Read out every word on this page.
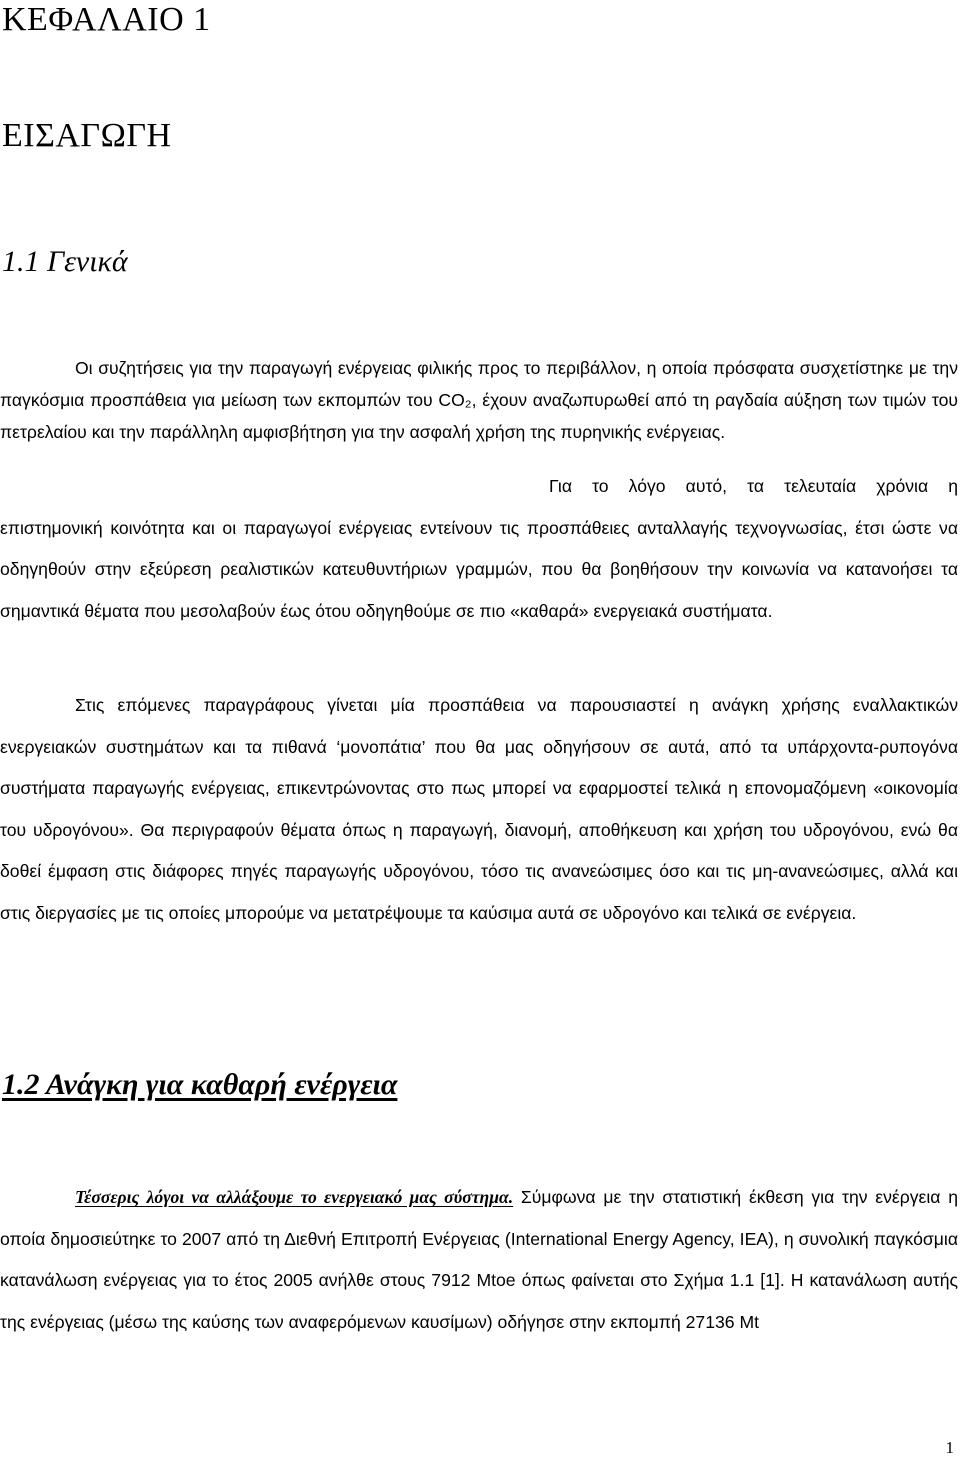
ΚΕΦΑΛΑΙΟ 1
ΕΙΣΑΓΩΓΗ
1.1 Γενικά

Οι συζητήσεις για την παραγωγή ενέργειας φιλικής προς το περιβάλλον, η οποία πρόσφατα συσχετίστηκε με την παγκόσμια προσπάθεια για μείωση των εκπομπών του CO₂, έχουν αναζωπυρωθεί από τη ραγδαία αύξηση των τιμών του πετρελαίου και την παράλληλη αμφισβήτηση για την ασφαλή χρήση της πυρηνικής ενέργειας.

Για το λόγο αυτό, τα τελευταία χρόνια η επιστημονική κοινότητα και οι παραγωγοί ενέργειας εντείνουν τις προσπάθειες ανταλλαγής τεχνογνωσίας, έτσι ώστε να οδηγηθούν στην εξεύρεση ρεαλιστικών κατευθυντήριων γραμμών, που θα βοηθήσουν την κοινωνία να κατανοήσει τα σημαντικά θέματα που μεσολαβούν έως ότου οδηγηθούμε σε πιο «καθαρά» ενεργειακά συστήματα.

Στις επόμενες παραγράφους γίνεται μία προσπάθεια να παρουσιαστεί η ανάγκη χρήσης εναλλακτικών ενεργειακών συστημάτων και τα πιθανά ‘μονοπάτια’ που θα μας οδηγήσουν σε αυτά, από τα υπάρχοντα-ρυπογόνα συστήματα παραγωγής ενέργειας, επικεντρώνοντας στο πως μπορεί να εφαρμοστεί τελικά η επονομαζόμενη «οικονομία του υδρογόνου». Θα περιγραφούν θέματα όπως η παραγωγή, διανομή, αποθήκευση και χρήση του υδρογόνου, ενώ θα δοθεί έμφαση στις διάφορες πηγές παραγωγής υδρογόνου, τόσο τις ανανεώσιμες όσο και τις μη-ανανεώσιμες, αλλά και στις διεργασίες με τις οποίες μπορούμε να μετατρέψουμε τα καύσιμα αυτά σε υδρογόνο και τελικά σε ενέργεια.

1.2 Ανάγκη για καθαρή ενέργεια

Τέσσερις λόγοι να αλλάξουμε το ενεργειακό μας σύστημα. Σύμφωνα με την στατιστική έκθεση για την ενέργεια η οποία δημοσιεύτηκε το 2007 από τη Διεθνή Επιτροπή Ενέργειας (International Energy Agency, IEA), η συνολική παγκόσμια κατανάλωση ενέργειας για το έτος 2005 ανήλθε στους 7912 Mtoe όπως φαίνεται στο Σχήμα 1.1 [1]. Η κατανάλωση αυτής της ενέργειας (μέσω της καύσης των αναφερόμενων καυσίμων) οδήγησε στην εκπομπή 27136 Mt

1
